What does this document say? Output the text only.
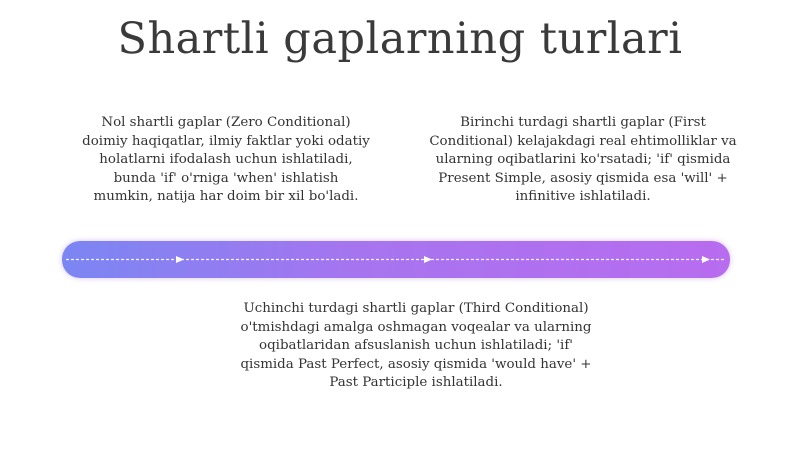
Shartli gaplarning turlari
Nol shartli gaplar (Zero Conditional) doimiy haqiqatlar, ilmiy faktlar yoki odatiy holatlarni ifodalash uchun ishlatiladi, bunda 'if' o'rniga 'when' ishlatish mumkin, natija har doim bir xil bo'ladi.
Birinchi turdagi shartli gaplar (First Conditional) kelajakdagi real ehtimolliklar va ularning oqibatlarini ko'rsatadi; 'if' qismida Present Simple, asosiy qismida esa 'will' + infinitive ishlatiladi.
Uchinchi turdagi shartli gaplar (Third Conditional) o'tmishdagi amalga oshmagan voqealar va ularning oqibatlaridan afsuslanish uchun ishlatiladi; 'if' qismida Past Perfect, asosiy qismida 'would have' + Past Participle ishlatiladi.
